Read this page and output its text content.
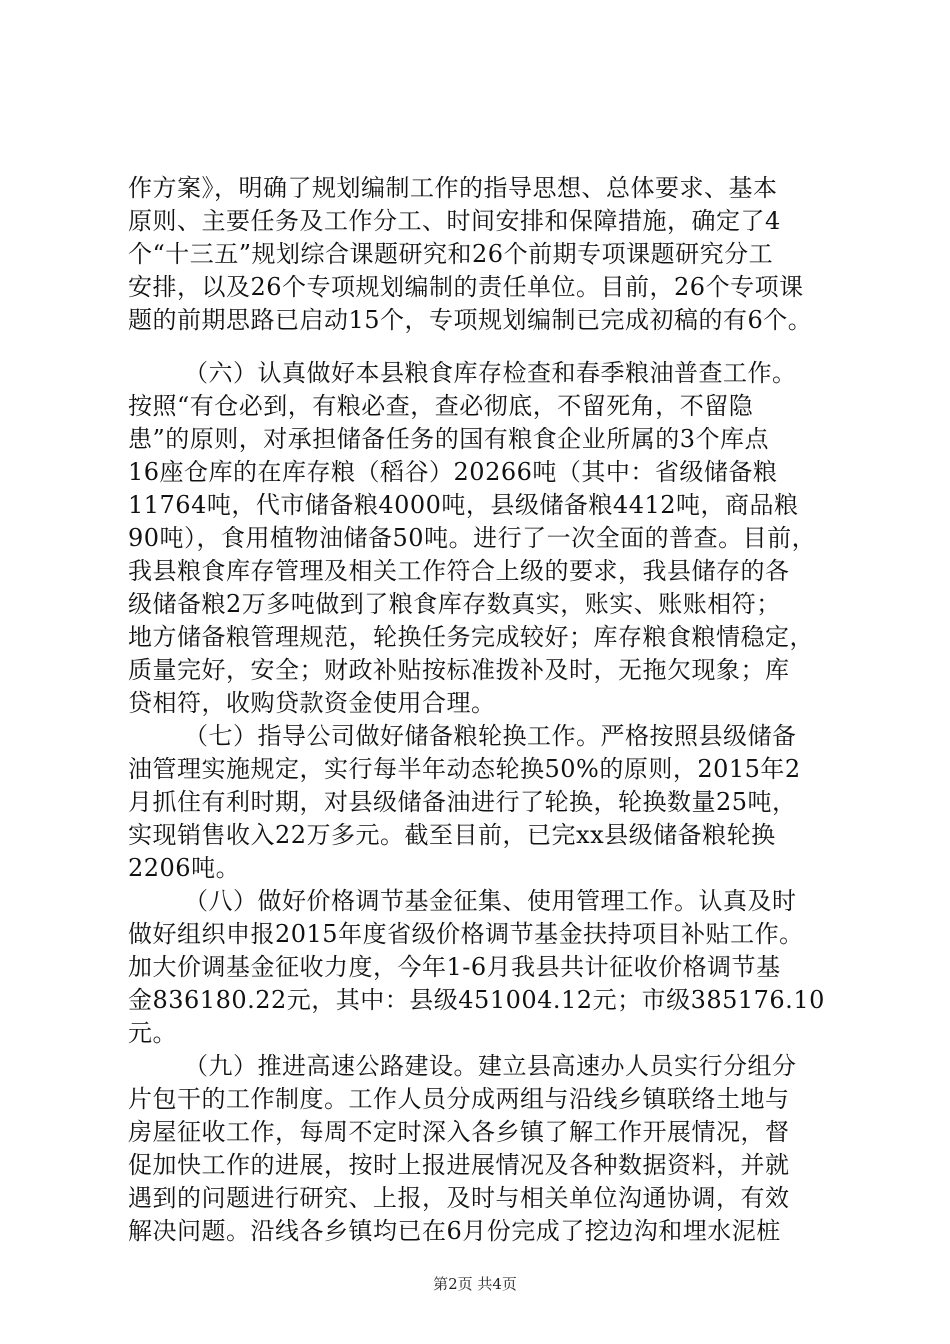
作方案》，明确了规划编制工作的指导思想、总体要求、基本
原则、主要任务及工作分工、时间安排和保障措施，确定了4
个“十三五”规划综合课题研究和26个前期专项课题研究分工
安排，以及26个专项规划编制的责任单位。目前，26个专项课
题的前期思路已启动15个，专项规划编制已完成初稿的有6个。
（六）认真做好本县粮食库存检查和春季粮油普查工作。
按照“有仓必到，有粮必查，查必彻底，不留死角，不留隐
患”的原则，对承担储备任务的国有粮食企业所属的3个库点
16座仓库的在库存粮（稻谷）20266吨（其中：省级储备粮
11764吨，代市储备粮4000吨，县级储备粮4412吨，商品粮
90吨），食用植物油储备50吨。进行了一次全面的普查。目前，
我县粮食库存管理及相关工作符合上级的要求，我县储存的各
级储备粮2万多吨做到了粮食库存数真实，账实、账账相符；
地方储备粮管理规范，轮换任务完成较好；库存粮食粮情稳定，
质量完好，安全；财政补贴按标准拨补及时，无拖欠现象；库
贷相符，收购贷款资金使用合理。
（七）指导公司做好储备粮轮换工作。严格按照县级储备
油管理实施规定，实行每半年动态轮换50%的原则，2015年2
月抓住有利时期，对县级储备油进行了轮换，轮换数量25吨，
实现销售收入22万多元。截至目前，已完xx县级储备粮轮换
2206吨。
（八）做好价格调节基金征集、使用管理工作。认真及时
做好组织申报2015年度省级价格调节基金扶持项目补贴工作。
加大价调基金征收力度，今年1-6月我县共计征收价格调节基
金836180.22元，其中：县级451004.12元；市级385176.10
元。
（九）推进高速公路建设。建立县高速办人员实行分组分
片包干的工作制度。工作人员分成两组与沿线乡镇联络土地与
房屋征收工作，每周不定时深入各乡镇了解工作开展情况，督
促加快工作的进展，按时上报进展情况及各种数据资料，并就
遇到的问题进行研究、上报，及时与相关单位沟通协调，有效
解决问题。沿线各乡镇均已在6月份完成了挖边沟和埋水泥桩
第2页 共4页
